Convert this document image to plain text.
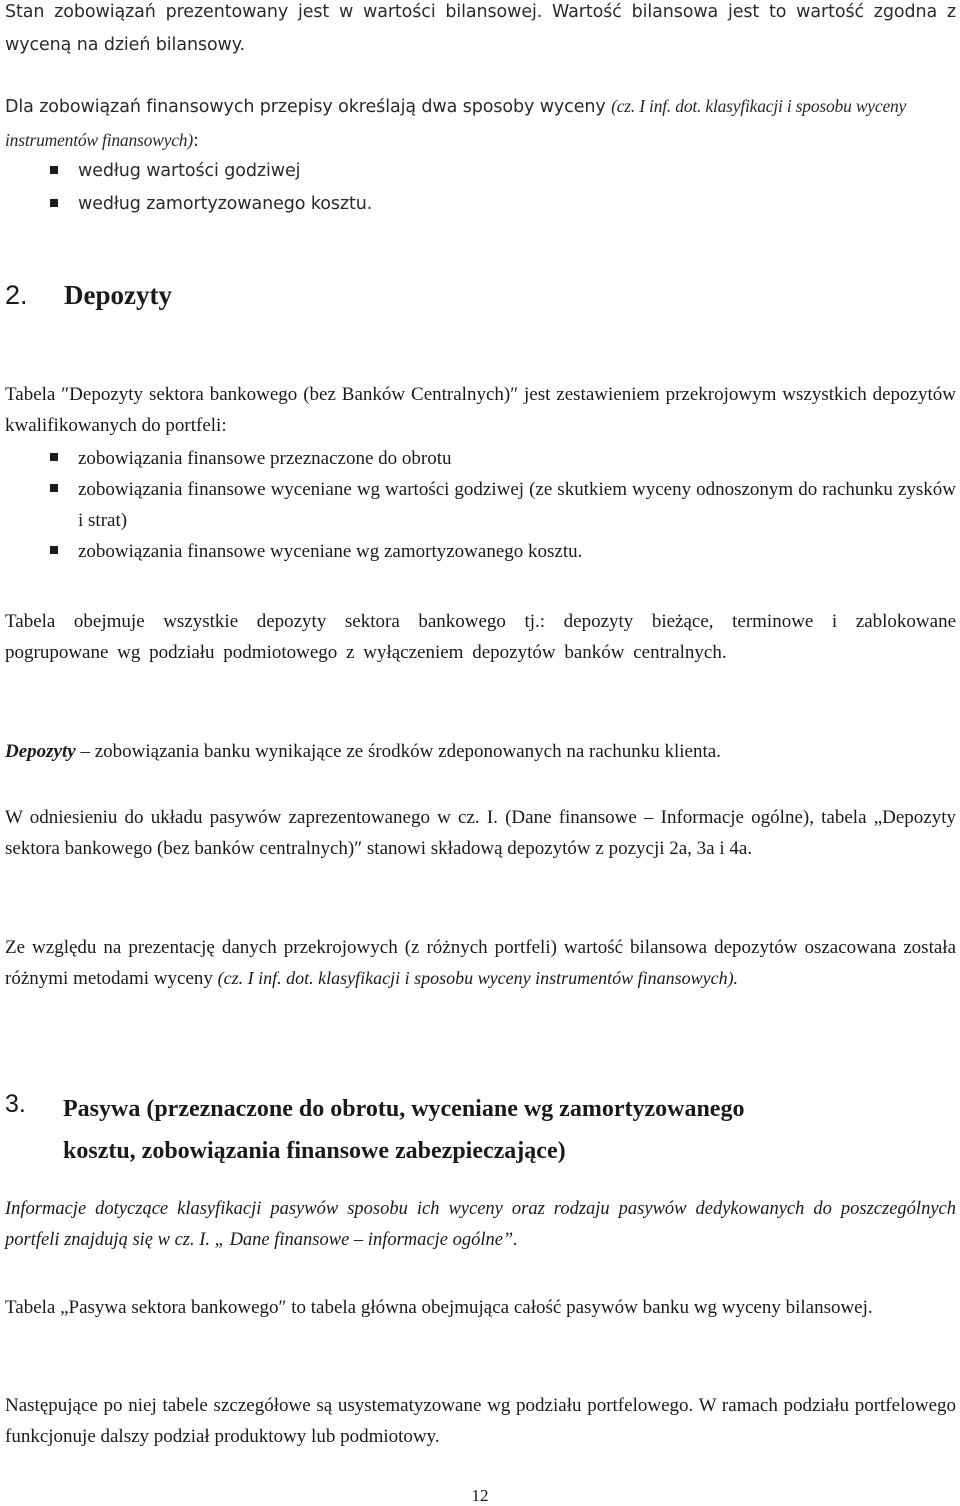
Stan zobowiązań prezentowany jest w wartości bilansowej. Wartość bilansowa jest to wartość zgodna z wyceną na dzień bilansowy.

Dla zobowiązań finansowych przepisy określają dwa sposoby wyceny (cz. I inf. dot. klasyfikacji i sposobu wyceny instrumentów finansowych):

według wartości godziwej
według zamortyzowanego kosztu.
2. Depozyty

Tabela ″Depozyty sektora bankowego (bez Banków Centralnych)″ jest zestawieniem przekrojowym wszystkich depozytów kwalifikowanych do portfeli:

zobowiązania finansowe przeznaczone do obrotu
zobowiązania finansowe wyceniane wg wartości godziwej (ze skutkiem wyceny odnoszonym do rachunku zysków i strat)
zobowiązania finansowe wyceniane wg zamortyzowanego kosztu.

Tabela obejmuje wszystkie depozyty sektora bankowego tj.: depozyty bieżące, terminowe i zablokowane pogrupowane wg podziału podmiotowego z wyłączeniem depozytów banków centralnych.

Depozyty – zobowiązania banku wynikające ze środków zdeponowanych na rachunku klienta.

W odniesieniu do układu pasywów zaprezentowanego w cz. I. (Dane finansowe – Informacje ogólne), tabela „Depozyty sektora bankowego (bez banków centralnych)″ stanowi składową depozytów z pozycji 2a, 3a i 4a.

Ze względu na prezentację danych przekrojowych (z różnych portfeli) wartość bilansowa depozytów oszacowana została różnymi metodami wyceny (cz. I inf. dot. klasyfikacji i sposobu wyceny instrumentów finansowych).

3. Pasywa (przeznaczone do obrotu, wyceniane wg zamortyzowanego
kosztu, zobowiązania finansowe zabezpieczające)

Informacje dotyczące klasyfikacji pasywów sposobu ich wyceny oraz rodzaju pasywów dedykowanych do poszczególnych portfeli znajdują się w cz. I. „ Dane finansowe – informacje ogólne”.

Tabela „Pasywa sektora bankowego″ to tabela główna obejmująca całość pasywów banku wg wyceny bilansowej.

Następujące po niej tabele szczegółowe są usystematyzowane wg podziału portfelowego. W ramach podziału portfelowego funkcjonuje dalszy podział produktowy lub podmiotowy.

12
